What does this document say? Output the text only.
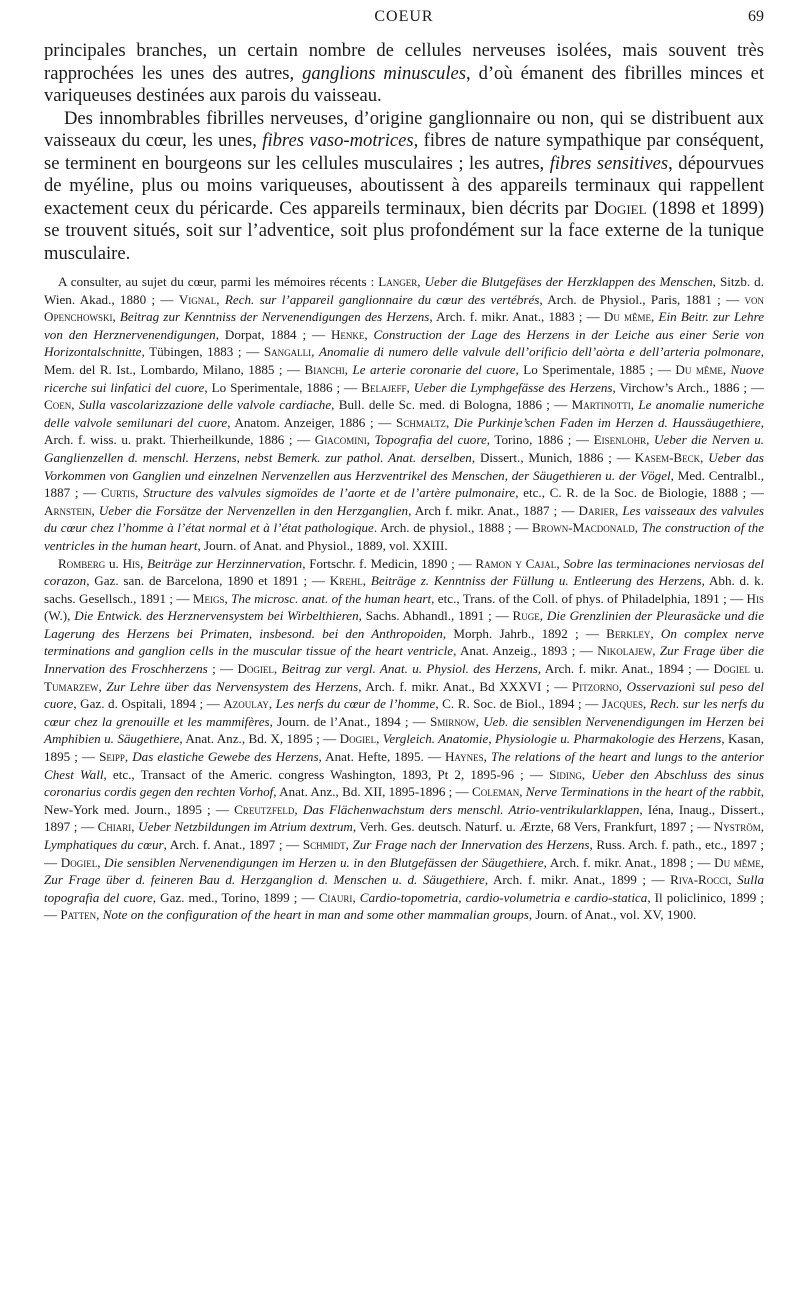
COEUR	69

principales branches, un certain nombre de cellules nerveuses isolées, mais souvent très rapprochées les unes des autres, ganglions minuscules, d’où émanent des fibrilles minces et variqueuses destinées aux parois du vaisseau.

Des innombrables fibrilles nerveuses, d’origine ganglionnaire ou non, qui se distribuent aux vaisseaux du cœur, les unes, fibres vaso-motrices, fibres de nature sympathique par conséquent, se terminent en bourgeons sur les cellules musculaires ; les autres, fibres sensitives, dépourvues de myéline, plus ou moins variqueuses, aboutissent à des appareils terminaux qui rappellent exactement ceux du péricarde. Ces appareils terminaux, bien décrits par Dogiel (1898 et 1899) se trouvent situés, soit sur l’adventice, soit plus profondément sur la face externe de la tunique musculaire.

A consulter, au sujet du cœur, parmi les mémoires récents : Langer, Ueber die Blutgefäses der Herzklappen des Menschen, Sitzb. d. Wien. Akad., 1880 ; — Vignal, Rech. sur l’appareil ganglionnaire du cœur des vertébrés, Arch. de Physiol., Paris, 1881 ; — von Openchowski, Beitrag zur Kenntniss der Nervenendigungen des Herzens, Arch. f. mikr. Anat., 1883 ; — Du même, Ein Beitr. zur Lehre von den Herznervenendigungen, Dorpat, 1884 ; — Henke, Construction der Lage des Herzens in der Leiche aus einer Serie von Horizontalschnitte, Tübingen, 1883 ; — Sangalli, Anomalie di numero delle valvule dell’orificio dell’aòrta e dell’arteria polmonare, Mem. del R. Ist., Lombardo, Milano, 1885 ; — Bianchi, Le arterie coronarie del cuore, Lo Sperimentale, 1885 ; — Du même, Nuove ricerche sui linfatici del cuore, Lo Sperimentale, 1886 ; — Belajeff, Ueber die Lymphgefässe des Herzens, Virchow’s Arch., 1886 ; — Coen, Sulla vascolarizzazione delle valvole cardiache, Bull. delle Sc. med. di Bologna, 1886 ; — Martinotti, Le anomalie numeriche delle valvole semilunari del cuore, Anatom. Anzeiger, 1886 ; — Schmaltz, Die Purkinje’schen Faden im Herzen d. Haussäugethiere, Arch. f. wiss. u. prakt. Thierheilkunde, 1886 ; — Giacomini, Topografia del cuore, Torino, 1886 ; — Eisenlohr, Ueber die Nerven u. Ganglienzellen d. menschl. Herzens, nebst Bemerk. zur pathol. Anat. derselben, Dissert., Munich, 1886 ; — Kasem-Beck, Ueber das Vorkommen von Ganglien und einzelnen Nervenzellen aus Herzventrikel des Menschen, der Säugethieren u. der Vögel, Med. Centralbl., 1887 ; — Curtis, Structure des valvules sigmoïdes de l’aorte et de l’artère pulmonaire, etc., C. R. de la Soc. de Biologie, 1888 ; — Arnstein, Ueber die Forsätze der Nervenzellen in den Herzganglien, Arch f. mikr. Anat., 1887 ; — Darier, Les vaisseaux des valvules du cœur chez l’homme à l’état normal et à l’état pathologique. Arch. de physiol., 1888 ; — Brown-Macdonald, The construction of the ventricles in the human heart, Journ. of Anat. and Physiol., 1889, vol. XXIII.

Romberg u. His, Beiträge zur Herzinnervation, Fortschr. f. Medicin, 1890 ; — Ramon y Cajal, Sobre las terminaciones nerviosas del corazon, Gaz. san. de Barcelona, 1890 et 1891 ; — Krehl, Beiträge z. Kenntniss der Füllung u. Entleerung des Herzens, Abh. d. k. sachs. Gesellsch., 1891 ; — Meigs, The microsc. anat. of the human heart, etc., Trans. of the Coll. of phys. of Philadelphia, 1891 ; — His (W.), Die Entwick. des Herznervensystem bei Wirbelthieren, Sachs. Abhandl., 1891 ; — Ruge, Die Grenzlinien der Pleurasäcke und die Lagerung des Herzens bei Primaten, insbesond. bei den Anthropoiden, Morph. Jahrb., 1892 ; — Berkley, On complex nerve terminations and ganglion cells in the muscular tissue of the heart ventricle, Anat. Anzeig., 1893 ; — Nikolajew, Zur Frage über die Innervation des Froschherzens ; — Dogiel, Beitrag zur vergl. Anat. u. Physiol. des Herzens, Arch. f. mikr. Anat., 1894 ; — Dogiel u. Tumarzew, Zur Lehre über das Nervensystem des Herzens, Arch. f. mikr. Anat., Bd XXXVI ; — Pitzorno, Osservazioni sul peso del cuore, Gaz. d. Ospitali, 1894 ; — Azoulay, Les nerfs du cœur de l’homme, C. R. Soc. de Biol., 1894 ; — Jacques, Rech. sur les nerfs du cœur chez la grenouille et les mammifères, Journ. de l’Anat., 1894 ; — Smirnow, Ueb. die sensiblen Nervenendigungen im Herzen bei Amphibien u. Säugethiere, Anat. Anz., Bd. X, 1895 ; — Dogiel, Vergleich. Anatomie, Physiologie u. Pharmakologie des Herzens, Kasan, 1895 ; — Seipp, Das elastiche Gewebe des Herzens, Anat. Hefte, 1895. — Haynes, The relations of the heart and lungs to the anterior Chest Wall, etc., Transact of the Americ. congress Washington, 1893, Pt 2, 1895-96 ; — Siding, Ueber den Abschluss des sinus coronarius cordis gegen den rechten Vorhof, Anat. Anz., Bd. XII, 1895-1896 ; — Coleman, Nerve Terminations in the heart of the rabbit, New-York med. Journ., 1895 ; — Creutzfeld, Das Flächenwachstum ders menschl. Atrio-ventrikularklappen, Iéna, Inaug., Dissert., 1897 ; — Chiari, Ueber Netzbildungen im Atrium dextrum, Verh. Ges. deutsch. Naturf. u. Ærzte, 68 Vers, Frankfurt, 1897 ; — Nyström, Lymphatiques du cœur, Arch. f. Anat., 1897 ; — Schmidt, Zur Frage nach der Innervation des Herzens, Russ. Arch. f. path., etc., 1897 ; — Dogiel, Die sensiblen Nervenendigungen im Herzen u. in den Blutgefässen der Säugethiere, Arch. f. mikr. Anat., 1898 ; — Du même, Zur Frage über d. feineren Bau d. Herzganglion d. Menschen u. d. Säugethiere, Arch. f. mikr. Anat., 1899 ; — Riva-Rocci, Sulla topografia del cuore, Gaz. med., Torino, 1899 ; — Ciauri, Cardio-topometria, cardio-volumetria e cardio-statica, Il policlinico, 1899 ; — Patten, Note on the configuration of the heart in man and some other mammalian groups, Journ. of Anat., vol. XV, 1900.
